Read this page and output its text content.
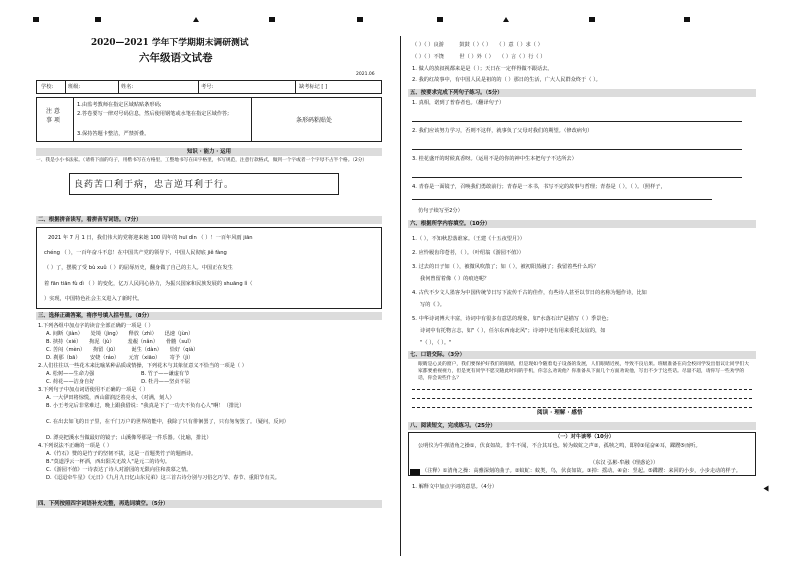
2020—2021 学年下学期期末调研测试
六年级语文试卷
2021.06
学校:	班级:	姓名:	考号:	缺考标记 [ ]
注 意 事 项
1.由监考教师在指定区域贴贴条形码;
2.答卷要写一律对号码信息，然后使用钢笔或水笔在指定区域作答;
3.保持答题卡整洁，严禁折叠。
条形码粘贴处
知识 · 能力 · 运用
一、我是小小书法家。（请将下面的句子，用楷书写在方格里，工整地书写在田字格里，书写规范，注意行款格式，做到一个字或者一个字母不占半个格。（2分）
良药苦口利于病，忠言逆耳利于行。
二、根据拼音读写，看拼音写词语。（7分）
2021 年 7 月 1 日，我们伟大的党将迎来她 100 周年的 huī dìn （ ）！一百年风雨 jiān
chéng （ ），一百年奋斗不息！在中国共产党的领导下，中国人民彻底 jiě fàng
（ ）了，摆脱了受 bù xuǔ（ ）的屈辱历史，翻身做了自己的主人。中国正在发生
着 fān tiān fù dì （ ）的变化，亿万人民同心协力，为振兴国家和民族发展的 shuāng lì（
）实现，中国特色社会主义进入了新时代。
三、选择正确答案，将序号填入括号里。（8分）
1.下列各组中加点字的读音全部正确的一项是（ ）
A. 间断（jiàn）　　处境（jìng）　　释放（zhì）　　迅速（jùn）
B. 挟持（xié）　　拘泥（jù）　　　羞赧（nǎn）　　骨髓（suǐ）
C. 苦闷（mèn）　　拘留（jū）　　　诞生（dàn）　　恰好（qià）
D. 刹那（bā）　　 安娆（ráo）　　 元宵（xiāo）　　 寄予（jì）
2.人们往往以一些花木来比喻某种品质或情操，下列花木与其象征意义不恰当的一项是（ ）
A. 松树——生命力强　　　　　　　　　B. 竹子——谦虚有节
C. 荷花——洁身自好　　　　　　　　　D. 牡丹——坚贞不屈
3.下列句子中加点词语使用不正确的一项是（ ）
A. 一大伊田将惊慌，西山甜润泛着亮水，（对满，刻人）
B. 小王考完后非常难过，晚上跟我借说："我真是下了一功夫不负有心人"啊！（排比）
C. 在出去如飞的日子里，在千门万户的世界的能中，我除了只有徘徊罢了，只有匆匆罢了。（疑问，反问）
D. 漂亮把溪水当做最好的镜子；山溪像琴那是一件乐器。（比喻，排比）
4.下列说法不正确的一项是（ ）
A.《竹石》赞的是竹子的坚韧不拔，这是一首题类竹子的题画诗。
B."莫道浮云一杯酒，西出阳关无故人"是元二的诗句。
C.《游园不值》一诗表达了诗人对游园的无限向往和羡慕之情。
D.《迢迢牵牛星》《元日》《九月九日忆山东兄弟》这三首古诗分别与习俗乞巧节、春节、重阳节有关。
四、下列按照四字词语补充完整，再选词填空。（5分）
（ ）（ ）良游　　　鼓鼓（ ）（ ）　　（ ）意（ ）求（ ）
（ ）（ ）不饶　　　世（ ）外（ ）　　（ ）言（ ）行（ ）
1. 做人的放叔视都来是是（ ）；天日在一定样得做不跟话去。
2. 我的红故事中，有中国人民是祖的的（ ）那日的生活，广大人民群众终于（ ）。
五、按要求完成下列句子练习。（5分）
1. 真相，诺到了普春者也。（翻译句子）
2. 我们应该努力学习，否则不这样，就事负了父母对我们的期望。（修改病句）
3. 桂花盛开的时候真香呀。（运用不是的你的神中生本把句子不达所去）
4. 青春是一面镜子，召唤我们勇敢前行；青春是一本书，书写不完的故事与哲理；青春是（ ），（ ）。（照样子，
仿句子续写至2分）
六、根据所学内容填空。（10分）
1.（ ），不知秋思落谁家。（王建《十五夜望月》）
2. 应怜履齿印苍苔，（ ）。（叶绍翁《游园不值》）
3. 过去的日子如（ ），被微风吹散了；如（ ），被初阳蒸融了；我留着些什么吗？
我何曾留着像（ ）的痕迹呢？
4. 古代不少文人墨客为中国传统节日写下流传千古的佳作，有些诗人甚至以节日的名称为题作诗，比如
写的《 》。
5. 中华诗词博大丰富，诗词中有很多有意思的现象，如"水落石出"是描写（ ）季景色；
诗词中有托物言志，如"（ ），任尔东西南北风"；诗词中还有用来委托友谊的，如
"（ ），（ ）。"
七、口语交际。（3分）
眼睛是心灵的窗户，我们要保护好我们的眼睛，但是现如今随着电子设备的发展，人们眼睛近视，导致不良后果。班级准备在向全校同学发出倡议让同学们大家都要重视视力，但是更有同学不愿交随此时间的手机，你怎么劝说他？你准备从下面几个方面劝说他，写出不少于这些话。尽量不超，请你写一些劝学的话，你会说些什么？
阅读 · 理解 · 感悟
八、阅读短文，完成练习。（25分）
（一）对牛谈琴（10分）
公明仪为牛弹清角之操①，伏食如故。非牛不闻，不合其耳也。转为蚊虻之声②，孤犊之鸣，即掉③尾奋④耳，蹀躞⑤而听。
（东汉 弘彬·牟融《理惑论》）
（注释）①清角之操：高雅深刻的曲子。②蚊虻：蚊类，鸟，伏食如故。③掉：摇动。④奋：竖起。⑤蹀躞：来回的小步，小步走动的样子。
1. 解释文中加点字词的意思。（4分）
